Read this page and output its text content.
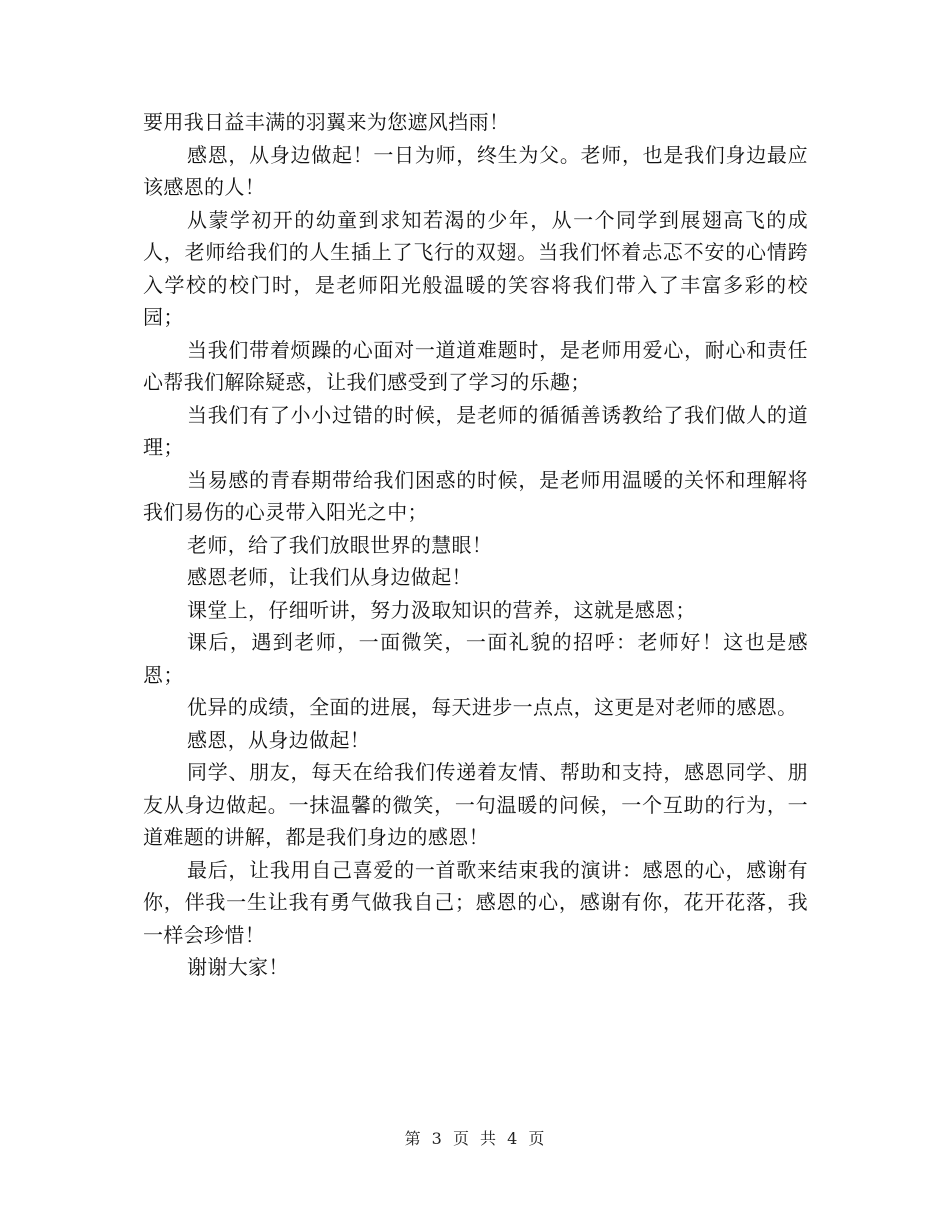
要用我日益丰满的羽翼来为您遮风挡雨！

感恩，从身边做起！一日为师，终生为父。老师，也是我们身边最应该感恩的人！

从蒙学初开的幼童到求知若渴的少年，从一个同学到展翅高飞的成人，老师给我们的人生插上了飞行的双翅。当我们怀着忐忑不安的心情跨入学校的校门时，是老师阳光般温暖的笑容将我们带入了丰富多彩的校园；

当我们带着烦躁的心面对一道道难题时，是老师用爱心，耐心和责任心帮我们解除疑惑，让我们感受到了学习的乐趣；

当我们有了小小过错的时候，是老师的循循善诱教给了我们做人的道理；

当易感的青春期带给我们困惑的时候，是老师用温暖的关怀和理解将我们易伤的心灵带入阳光之中；

老师，给了我们放眼世界的慧眼！

感恩老师，让我们从身边做起！

课堂上，仔细听讲，努力汲取知识的营养，这就是感恩；

课后，遇到老师，一面微笑，一面礼貌的招呼：老师好！这也是感恩；

优异的成绩，全面的进展，每天进步一点点，这更是对老师的感恩。

感恩，从身边做起！

同学、朋友，每天在给我们传递着友情、帮助和支持，感恩同学、朋友从身边做起。一抹温馨的微笑，一句温暖的问候，一个互助的行为，一道难题的讲解，都是我们身边的感恩！

最后，让我用自己喜爱的一首歌来结束我的演讲：感恩的心，感谢有你，伴我一生让我有勇气做我自己；感恩的心，感谢有你，花开花落，我一样会珍惜！

谢谢大家！

第 3 页 共 4 页
